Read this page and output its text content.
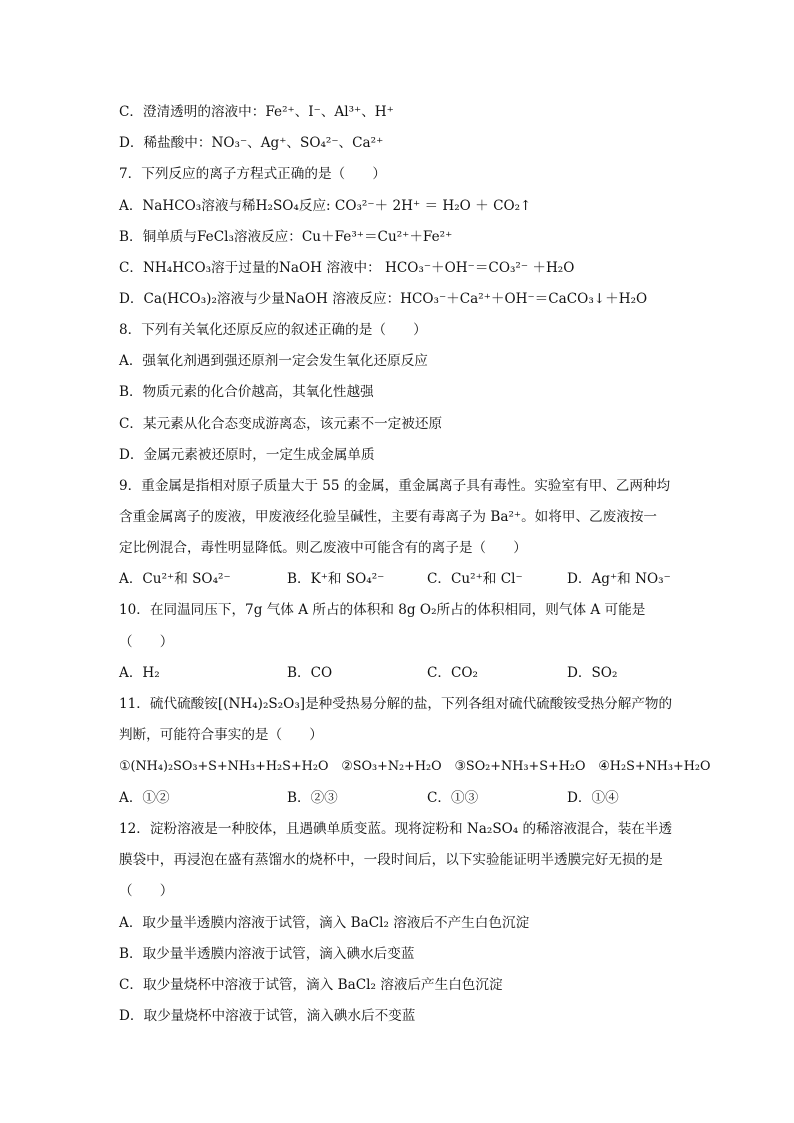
C．澄清透明的溶液中：Fe²⁺、I⁻、Al³⁺、H⁺
D．稀盐酸中：NO₃⁻、Ag⁺、SO₄²⁻、Ca²⁺
7．下列反应的离子方程式正确的是（　　）
A．NaHCO₃溶液与稀H₂SO₄反应: CO₃²⁻＋ 2H⁺ ＝ H₂O ＋ CO₂↑
B．铜单质与FeCl₃溶液反应：Cu＋Fe³⁺＝Cu²⁺＋Fe²⁺
C．NH₄HCO₃溶于过量的NaOH 溶液中： HCO₃⁻＋OH⁻＝CO₃²⁻ ＋H₂O
D．Ca(HCO₃)₂溶液与少量NaOH 溶液反应：HCO₃⁻＋Ca²⁺＋OH⁻＝CaCO₃↓＋H₂O
8．下列有关氧化还原反应的叙述正确的是（　　）
A．强氧化剂遇到强还原剂一定会发生氧化还原反应
B．物质元素的化合价越高，其氧化性越强
C．某元素从化合态变成游离态，该元素不一定被还原
D．金属元素被还原时，一定生成金属单质
9．重金属是指相对原子质量大于 55 的金属，重金属离子具有毒性。实验室有甲、乙两种均
含重金属离子的废液，甲废液经化验呈碱性，主要有毒离子为 Ba²⁺。如将甲、乙废液按一
定比例混合，毒性明显降低。则乙废液中可能含有的离子是（　　）
A．Cu²⁺和 SO₄²⁻	B．K⁺和 SO₄²⁻	C．Cu²⁺和 Cl⁻	D．Ag⁺和 NO₃⁻
10．在同温同压下，7g 气体 A 所占的体积和 8g O₂所占的体积相同，则气体 A 可能是
（　　）
A．H₂	B．CO	C．CO₂	D．SO₂
11．硫代硫酸铵[(NH₄)₂S₂O₃]是种受热易分解的盐，下列各组对硫代硫酸铵受热分解产物的
判断，可能符合事实的是（　　）
①(NH₄)₂SO₃+S+NH₃+H₂S+H₂O　②SO₃+N₂+H₂O　③SO₂+NH₃+S+H₂O　④H₂S+NH₃+H₂O
A．①②	B．②③	C．①③	D．①④
12．淀粉溶液是一种胶体，且遇碘单质变蓝。现将淀粉和 Na₂SO₄ 的稀溶液混合，装在半透
膜袋中，再浸泡在盛有蒸馏水的烧杯中，一段时间后，以下实验能证明半透膜完好无损的是
（　　）
A．取少量半透膜内溶液于试管，滴入 BaCl₂ 溶液后不产生白色沉淀
B．取少量半透膜内溶液于试管，滴入碘水后变蓝
C．取少量烧杯中溶液于试管，滴入 BaCl₂ 溶液后产生白色沉淀
D．取少量烧杯中溶液于试管，滴入碘水后不变蓝
